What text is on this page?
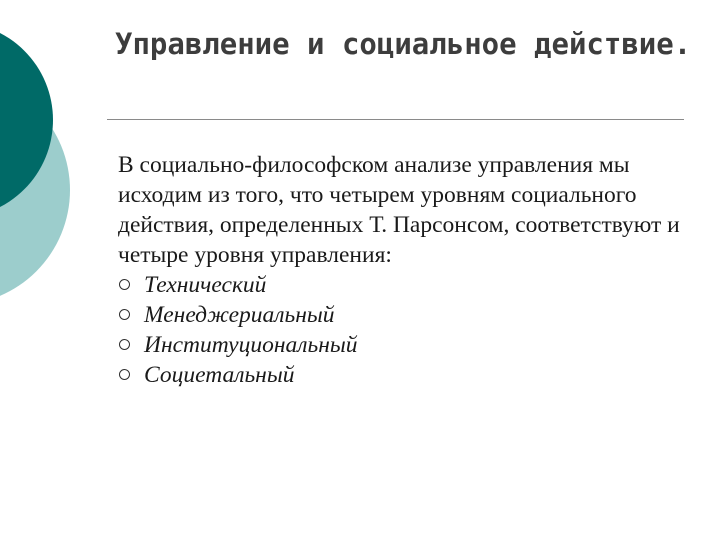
Управление и социальное действие.

В социально-философском анализе управления мы исходим из того, что четырем уровням социального действия, определенных Т. Парсонсом, соответствуют и четыре уровня управления:

Технический
Менеджериальный
Институциональный
Социетальный
